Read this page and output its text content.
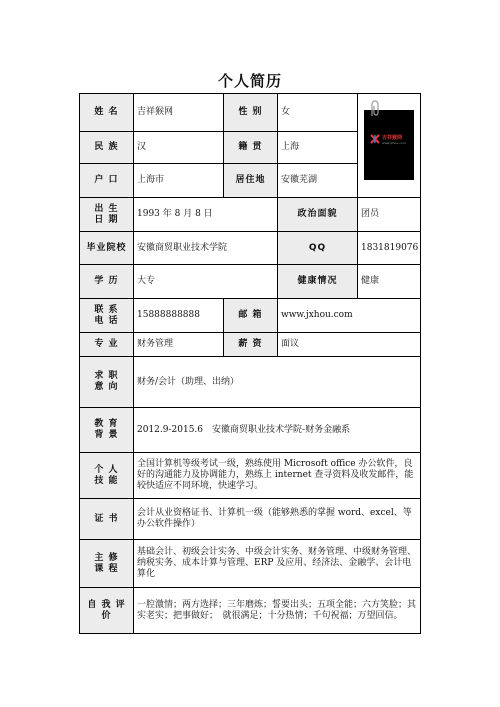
个人简历
姓 名	吉祥猴网	性 别	女	吉祥猴网
www.jxhou.com

民 族	汉	籍 贯	上海	
户 口	上海市	居住地	安徽芜湖	

出 生
日 期	1993 年 8 月 8 日		政治面貌	团员
毕业院校	安徽商贸职业技术学院		QQ	1831819076
学 历	大专		健康情况	健康

联 系
电 话	15888888888	邮 箱	www.jxhou.com	
专 业	财务管理	薪 资	面议	

求 职
意 向	财务/会计（助理、出纳）			

教 育
背 景	2012.9-2015.6　安徽商贸职业技术学院-财务金融系			

个 人
技 能	全国计算机等级考试一级，熟练使用 Microsoft office 办公软件，良好的沟通能力及协调能力，熟练上 internet 查寻资料及收发邮件，能较快适应不同环境，快速学习。			
证 书	会计从业资格证书、计算机一级（能够熟悉的掌握 word、excel、等办公软件操作）			

主 修
课 程	基础会计、初级会计实务、中级会计实务、财务管理、中级财务管理、纳税实务、成本计算与管理、ERP 及应用、经济法、金融学、会计电算化			

自 我 评
价	一腔激情；两方选择；三年磨炼；誓要出头；五项全能；六方笑脸；其实老实；把事做好；　就很满足；十分热情；千句祝福；万望回信。			
